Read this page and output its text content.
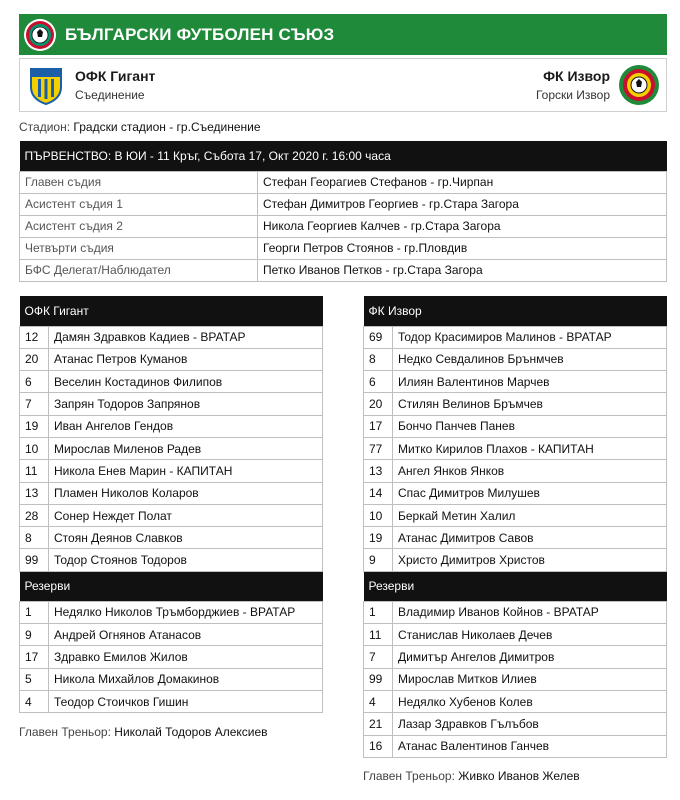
БЪЛГАРСКИ ФУТБОЛЕН СЪЮЗ
ОФК Гигант
Съединение
ФК Извор
Горски Извор
Стадион: Градски стадион - гр.Съединение
ПЪРВЕНСТВО: В ЮИ - 11 Кръг, Събота 17, Окт 2020 г. 16:00 часа	
Главен съдия	Стефан Георагиев Стефанов - гр.Чирпан
Асистент съдия 1	Стефан Димитров Георгиев - гр.Стара Загора
Асистент съдия 2	Никола Георгиев Калчев - гр.Стара Загора
Четвърти съдия	Георги Петров Стоянов - гр.Пловдив
БФС Делегат/Наблюдател	Петко Иванов Петков - гр.Стара Загора
ОФК Гигант	
12	Дамян Здравков Кадиев - ВРАТАР
20	Атанас Петров Куманов
6	Веселин Костадинов Филипов
7	Запрян Тодоров Запрянов
19	Иван Ангелов Гендов
10	Мирослав Миленов Радев
11	Никола Енев Марин - КАПИТАН
13	Пламен Николов Коларов
28	Сонер Неждет Полат
8	Стоян Деянов Славков
99	Тодор Стоянов Тодоров
Резерви	
1	Недялко Николов Тръмборджиев - ВРАТАР
9	Андрей Огнянов Атанасов
17	Здравко Емилов Жилов
5	Никола Михайлов Домакинов
4	Теодор Стоичков Гишин
ФК Извор	
69	Тодор Красимиров Малинов - ВРАТАР
8	Недко Севдалинов Брънмчев
6	Илиян Валентинов Марчев
20	Стилян Велинов Бръмчев
17	Бончо Панчев Панев
77	Митко Кирилов Плахов - КАПИТАН
13	Ангел Янков Янков
14	Спас Димитров Милушев
10	Беркай Метин Халил
19	Атанас Димитров Савов
9	Христо Димитров Христов
Резерви	
1	Владимир Иванов Койнов - ВРАТАР
11	Станислав Николаев Дечев
7	Димитър Ангелов Димитров
99	Мирослав Митков Илиев
4	Недялко Хубенов Колев
21	Лазар Здравков Гълъбов
16	Атанас Валентинов Ганчев
Главен Треньор: Николай Тодоров Алексиев
Главен Треньор: Живко Иванов Желев
